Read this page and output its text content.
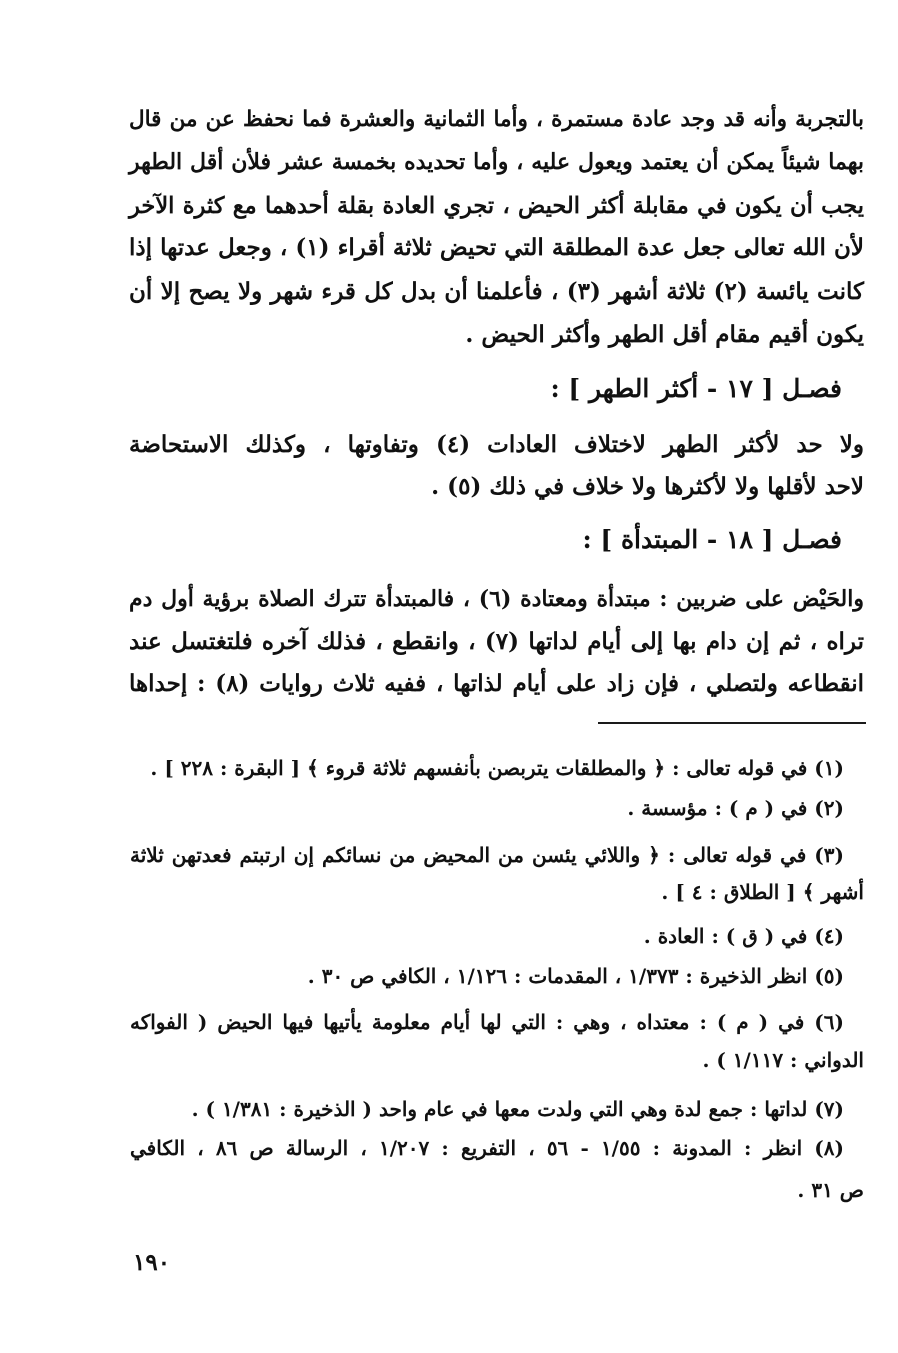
بالتجربة وأنه قد وجد عادة مستمرة ، وأما الثمانية والعشرة فما نحفظ عن من قال
بهما شيئاً يمكن أن يعتمد ويعول عليه ، وأما تحديده بخمسة عشر فلأن أقل الطهر
يجب أن يكون في مقابلة أكثر الحيض ، تجري العادة بقلة أحدهما مع كثرة الآخر
لأن الله تعالى جعل عدة المطلقة التي تحيض ثلاثة أقراء (١) ، وجعل عدتها إذا
كانت يائسة (٢) ثلاثة أشهر (٣) ، فأعلمنا أن بدل كل قرء شهر ولا يصح إلا أن
يكون أقيم مقام أقل الطهر وأكثر الحيض .
فصـل [ ١٧ - أكثر الطهر ] :
ولا حد لأكثر الطهر لاختلاف العادات (٤) وتفاوتها ، وكذلك الاستحاضة
لاحد لأقلها ولا لأكثرها ولا خلاف في ذلك (٥) .
فصـل [ ١٨ - المبتدأة ] :
والحَيْض على ضربين : مبتدأة ومعتادة (٦) ، فالمبتدأة تترك الصلاة برؤية أول دم
تراه ، ثم إن دام بها إلى أيام لداتها (٧) ، وانقطع ، فذلك آخره فلتغتسل عند
انقطاعه ولتصلي ، فإن زاد على أيام لذاتها ، ففيه ثلاث روايات (٨) : إحداها
(١) في قوله تعالى : ﴿ والمطلقات يتربصن بأنفسهم ثلاثة قروء ﴾ [ البقرة : ٢٢٨ ] .
(٢) في ( م ) : مؤسسة .
(٣) في قوله تعالى : ﴿ واللائي يئسن من المحيض من نسائكم إن ارتبتم فعدتهن ثلاثة
أشهر ﴾ [ الطلاق : ٤ ] .
(٤) في ( ق ) : العادة .
(٥) انظر الذخيرة : ١/٣٧٣ ، المقدمات : ١/١٢٦ ، الكافي ص ٣٠ .
(٦) في ( م ) : معتداه ، وهي : التي لها أيام معلومة يأتيها فيها الحيض ( الفواكه
الدواني : ١/١١٧ ) .
(٧) لداتها : جمع لدة وهي التي ولدت معها في عام واحد ( الذخيرة : ١/٣٨١ ) .
(٨) انظر : المدونة : ١/٥٥ - ٥٦ ، التفريع : ١/٢٠٧ ، الرسالة ص ٨٦ ، الكافي
ص ٣١ .
١٩٠
